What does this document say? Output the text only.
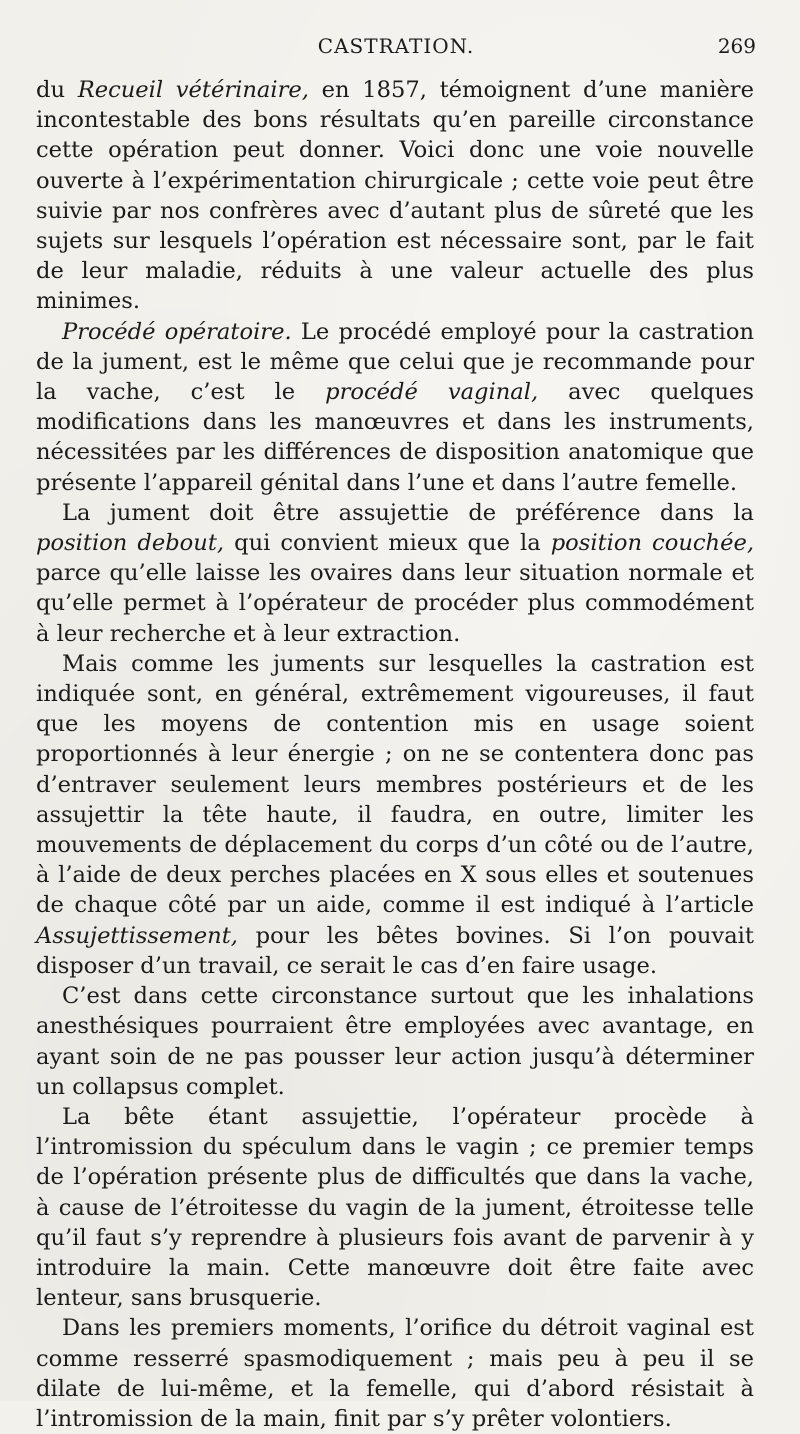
CASTRATION.	269

du Recueil vétérinaire, en 1857, témoignent d’une manière incontestable des bons résultats qu’en pareille circonstance cette opération peut donner. Voici donc une voie nouvelle ouverte à l’expérimentation chirurgicale ; cette voie peut être suivie par nos confrères avec d’autant plus de sûreté que les sujets sur lesquels l’opération est nécessaire sont, par le fait de leur maladie, réduits à une valeur actuelle des plus minimes.

Procédé opératoire. Le procédé employé pour la castration de la jument, est le même que celui que je recommande pour la vache, c’est le procédé vaginal, avec quelques modifications dans les manœuvres et dans les instruments, nécessitées par les différences de disposition anatomique que présente l’appareil génital dans l’une et dans l’autre femelle.

La jument doit être assujettie de préférence dans la position debout, qui convient mieux que la position couchée, parce qu’elle laisse les ovaires dans leur situation normale et qu’elle permet à l’opérateur de procéder plus commodément à leur recherche et à leur extraction.

Mais comme les juments sur lesquelles la castration est indiquée sont, en général, extrêmement vigoureuses, il faut que les moyens de contention mis en usage soient proportionnés à leur énergie ; on ne se contentera donc pas d’entraver seulement leurs membres postérieurs et de les assujettir la tête haute, il faudra, en outre, limiter les mouvements de déplacement du corps d’un côté ou de l’autre, à l’aide de deux perches placées en X sous elles et soutenues de chaque côté par un aide, comme il est indiqué à l’article Assujettissement, pour les bêtes bovines. Si l’on pouvait disposer d’un travail, ce serait le cas d’en faire usage.

C’est dans cette circonstance surtout que les inhalations anesthésiques pourraient être employées avec avantage, en ayant soin de ne pas pousser leur action jusqu’à déterminer un collapsus complet.

La bête étant assujettie, l’opérateur procède à l’intromission du spéculum dans le vagin ; ce premier temps de l’opération présente plus de difficultés que dans la vache, à cause de l’étroitesse du vagin de la jument, étroitesse telle qu’il faut s’y reprendre à plusieurs fois avant de parvenir à y introduire la main. Cette manœuvre doit être faite avec lenteur, sans brusquerie.

Dans les premiers moments, l’orifice du détroit vaginal est comme resserré spasmodiquement ; mais peu à peu il se dilate de lui-même, et la femelle, qui d’abord résistait à l’intromission de la main, finit par s’y prêter volontiers.
